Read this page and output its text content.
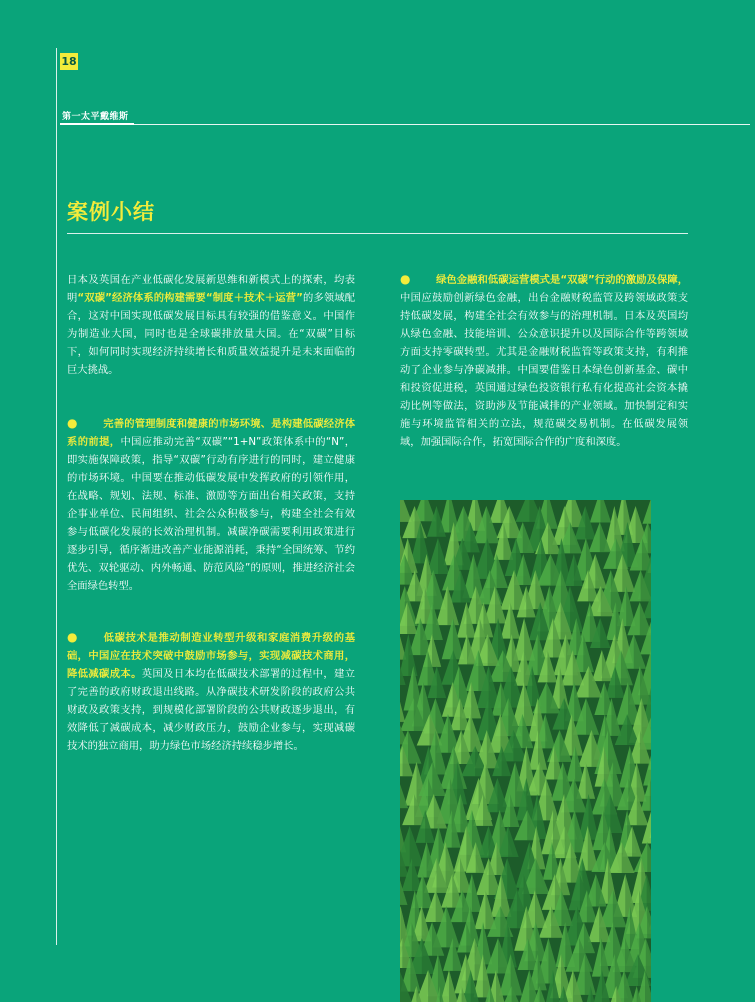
18
第一太平戴维斯
案例小结

日本及英国在产业低碳化发展新思维和新模式上的探索，均表明“双碳”经济体系的构建需要“制度＋技术＋运营”的多领域配合，这对中国实现低碳发展目标具有较强的借鉴意义。中国作为制造业大国，同时也是全球碳排放量大国。在“双碳”目标下，如何同时实现经济持续增长和质量效益提升是未来面临的巨大挑战。

● 完善的管理制度和健康的市场环境、是构建低碳经济体系的前提，中国应推动完善“双碳”“1+N”政策体系中的“N”，即实施保障政策，指导“双碳”行动有序进行的同时，建立健康的市场环境。中国要在推动低碳发展中发挥政府的引领作用，在战略、规划、法规、标准、激励等方面出台相关政策，支持企事业单位、民间组织、社会公众积极参与，构建全社会有效参与低碳化发展的长效治理机制。减碳净碳需要利用政策进行逐步引导，循序渐进改善产业能源消耗，秉持“全国统筹、节约优先、双轮驱动、内外畅通、防范风险”的原则，推进经济社会全面绿色转型。

● 低碳技术是推动制造业转型升级和家庭消费升级的基础，中国应在技术突破中鼓励市场参与，实现减碳技术商用，降低减碳成本。英国及日本均在低碳技术部署的过程中，建立了完善的政府财政退出线路。从净碳技术研发阶段的政府公共财政及政策支持，到规模化部署阶段的公共财政逐步退出，有效降低了减碳成本，减少财政压力，鼓励企业参与，实现减碳技术的独立商用，助力绿色市场经济持续稳步增长。

● 绿色金融和低碳运营模式是“双碳”行动的激励及保障，中国应鼓励创新绿色金融，出台金融财税监管及跨领域政策支持低碳发展，构建全社会有效参与的治理机制。日本及英国均从绿色金融、技能培训、公众意识提升以及国际合作等跨领域方面支持零碳转型。尤其是金融财税监管等政策支持，有利推动了企业参与净碳减排。中国要借鉴日本绿色创新基金、碳中和投资促进税，英国通过绿色投资银行私有化提高社会资本撬动比例等做法，资助涉及节能减排的产业领域。加快制定和实施与环境监管相关的立法，规范碳交易机制。在低碳发展领域，加强国际合作，拓宽国际合作的广度和深度。
